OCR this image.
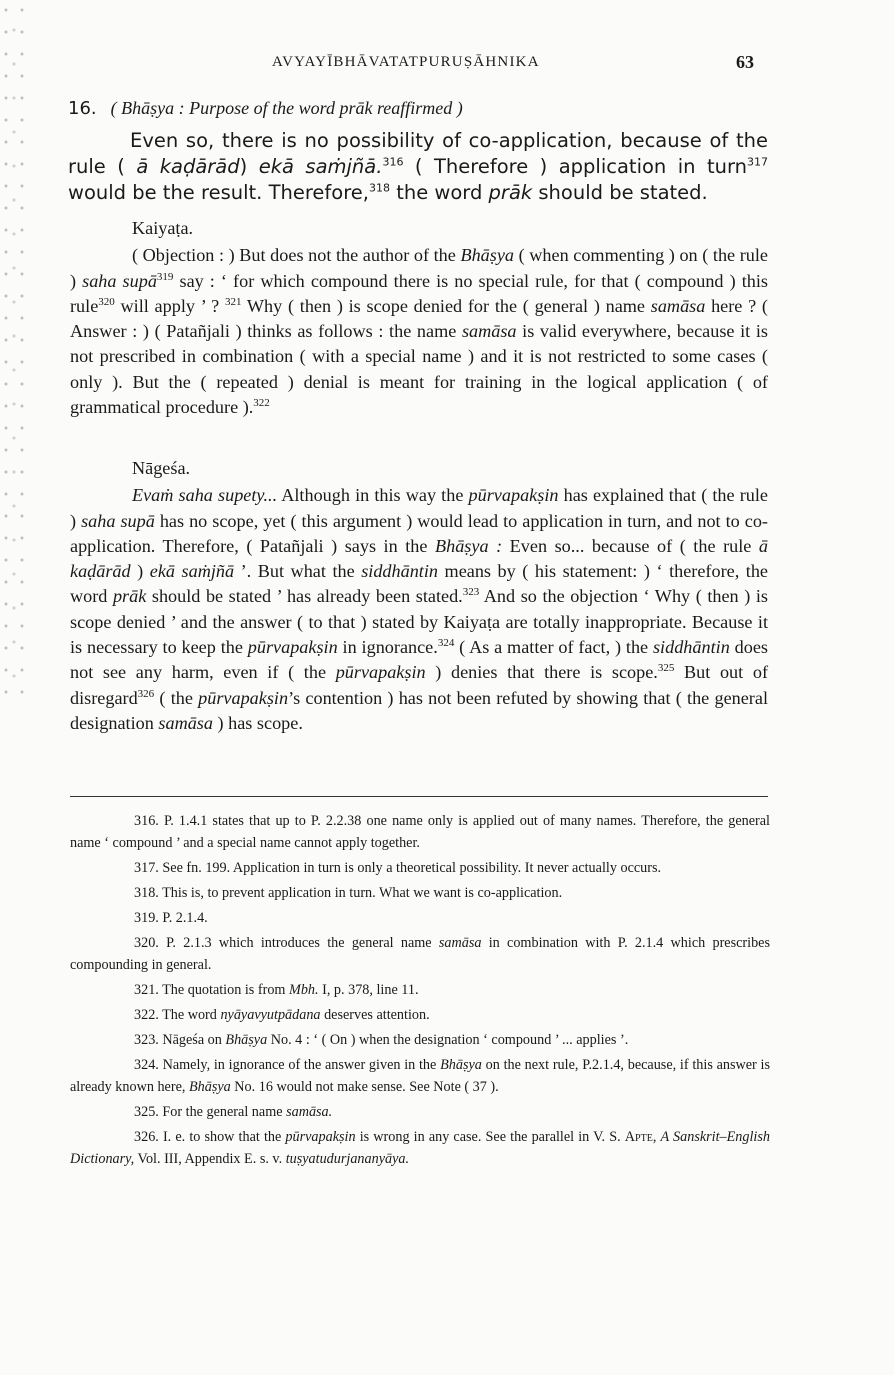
AVYAYĪBHĀVATATPURUṢĀHNIKA	63
16. ( Bhāṣya : Purpose of the word prāk reaffirmed )

Even so, there is no possibility of co-application, because of the rule ( ā kaḍārād) ekā saṁjñā.$^{316}$ ( Therefore ) application in turn$^{317}$ would be the result. Therefore,$^{318}$ the word prāk should be stated.

Kaiyaṭa.

( Objection : ) But does not the author of the Bhāṣya ( when commenting ) on ( the rule ) saha supā$^{319}$ say : ‘ for which compound there is no special rule, for that ( compound ) this rule$^{320}$ will apply ’ ? $^{321}$ Why ( then ) is scope denied for the ( general ) name samāsa here ? ( Answer : ) ( Patañjali ) thinks as follows : the name samāsa is valid everywhere, because it is not prescribed in combination ( with a special name ) and it is not restricted to some cases ( only ). But the ( repeated ) denial is meant for training in the logical application ( of grammatical procedure ).$^{322}$

Nāgeśa.

Evaṁ saha supety... Although in this way the pūrvapakṣin has explained that ( the rule ) saha supā has no scope, yet ( this argument ) would lead to application in turn, and not to co-application. Therefore, ( Patañjali ) says in the Bhāṣya : Even so... because of ( the rule ā kaḍārād ) ekā saṁjñā ’. But what the siddhāntin means by ( his statement: ) ‘ therefore, the word prāk should be stated ’ has already been stated.$^{323}$ And so the objection ‘ Why ( then ) is scope denied ’ and the answer ( to that ) stated by Kaiyaṭa are totally inappropriate. Because it is necessary to keep the pūrvapakṣin in ignorance.$^{324}$ ( As a matter of fact, ) the siddhāntin does not see any harm, even if ( the pūrvapakṣin ) denies that there is scope.$^{325}$ But out of disregard$^{326}$ ( the pūrvapakṣin’s contention ) has not been refuted by showing that ( the general designation samāsa ) has scope.

316. P. 1.4.1 states that up to P. 2.2.38 one name only is applied out of many names. Therefore, the general name ‘ compound ’ and a special name cannot apply together.

317. See fn. 199. Application in turn is only a theoretical possibility. It never actually occurs.

318. This is, to prevent application in turn. What we want is co-application.

319. P. 2.1.4.

320. P. 2.1.3 which introduces the general name samāsa in combination with P. 2.1.4 which prescribes compounding in general.

321. The quotation is from Mbh. I, p. 378, line 11.

322. The word nyāyavyutpādana deserves attention.

323. Nāgeśa on Bhāṣya No. 4 : ‘ ( On ) when the designation ‘ compound ’ ... applies ’.

324. Namely, in ignorance of the answer given in the Bhāṣya on the next rule, P.2.1.4, because, if this answer is already known here, Bhāṣya No. 16 would not make sense. See Note ( 37 ).

325. For the general name samāsa.

326. I. e. to show that the pūrvapakṣin is wrong in any case. See the parallel in V. S. Apte, A Sanskrit–English Dictionary, Vol. III, Appendix E. s. v. tuṣyatudurjananyāya.
